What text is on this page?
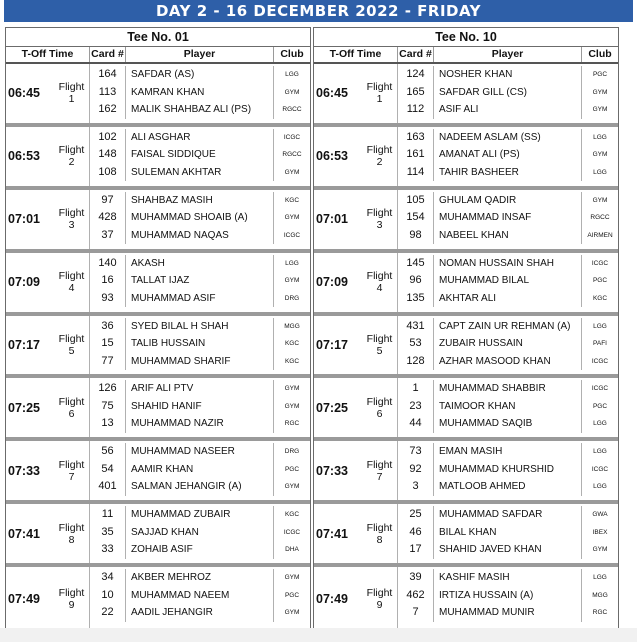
DAY 2 - 16 DECEMBER 2022 - FRIDAY
Tee No. 01
T-Off Time	Card #	Player	Club
06:45	Flight
1
164	SAFDAR (AS)	LGG
113	KAMRAN KHAN	GYM
162	MALIK SHAHBAZ ALI (PS)	RGCC
06:53	Flight
2
102	ALI ASGHAR	ICGC
148	FAISAL SIDDIQUE	RGCC
108	SULEMAN AKHTAR	GYM
07:01	Flight
3
97	SHAHBAZ MASIH	KGC
428	MUHAMMAD SHOAIB (A)	GYM
37	MUHAMMAD NAQAS	ICGC
07:09	Flight
4
140	AKASH	LGG
16	TALLAT IJAZ	GYM
93	MUHAMMAD ASIF	DRG
07:17	Flight
5
36	SYED BILAL H SHAH	MGG
15	TALIB HUSSAIN	KGC
77	MUHAMMAD SHARIF	KGC
07:25	Flight
6
126	ARIF ALI PTV	GYM
75	SHAHID HANIF	GYM
13	MUHAMMAD NAZIR	RGC
07:33	Flight
7
56	MUHAMMAD NASEER	DRG
54	AAMIR KHAN	PGC
401	SALMAN JEHANGIR (A)	GYM
07:41	Flight
8
11	MUHAMMAD ZUBAIR	KGC
35	SAJJAD KHAN	ICGC
33	ZOHAIB ASIF	DHA
07:49	Flight
9
34	AKBER MEHROZ	GYM
10	MUHAMMAD NAEEM	PGC
22	AADIL JEHANGIR	GYM
Tee No. 10
T-Off Time	Card #	Player	Club
06:45	Flight
1
124	NOSHER KHAN	PGC
165	SAFDAR GILL (CS)	GYM
112	ASIF ALI	GYM
06:53	Flight
2
163	NADEEM ASLAM (SS)	LGG
161	AMANAT ALI (PS)	GYM
114	TAHIR BASHEER	LGG
07:01	Flight
3
105	GHULAM QADIR	GYM
154	MUHAMMAD INSAF	RGCC
98	NABEEL KHAN	AIRMEN
07:09	Flight
4
145	NOMAN HUSSAIN SHAH	ICGC
96	MUHAMMAD BILAL	PGC
135	AKHTAR ALI	KGC
07:17	Flight
5
431	CAPT ZAIN UR REHMAN (A)	LGG
53	ZUBAIR HUSSAIN	PAFI
128	AZHAR MASOOD KHAN	ICGC
07:25	Flight
6
1	MUHAMMAD SHABBIR	ICGC
23	TAIMOOR KHAN	PGC
44	MUHAMMAD SAQIB	LGG
07:33	Flight
7
73	EMAN MASIH	LGG
92	MUHAMMAD KHURSHID	ICGC
3	MATLOOB AHMED	LGG
07:41	Flight
8
25	MUHAMMAD SAFDAR	GWA
46	BILAL KHAN	IBEX
17	SHAHID JAVED KHAN	GYM
07:49	Flight
9
39	KASHIF MASIH	LGG
462	IRTIZA HUSSAIN (A)	MGG
7	MUHAMMAD MUNIR	RGC
